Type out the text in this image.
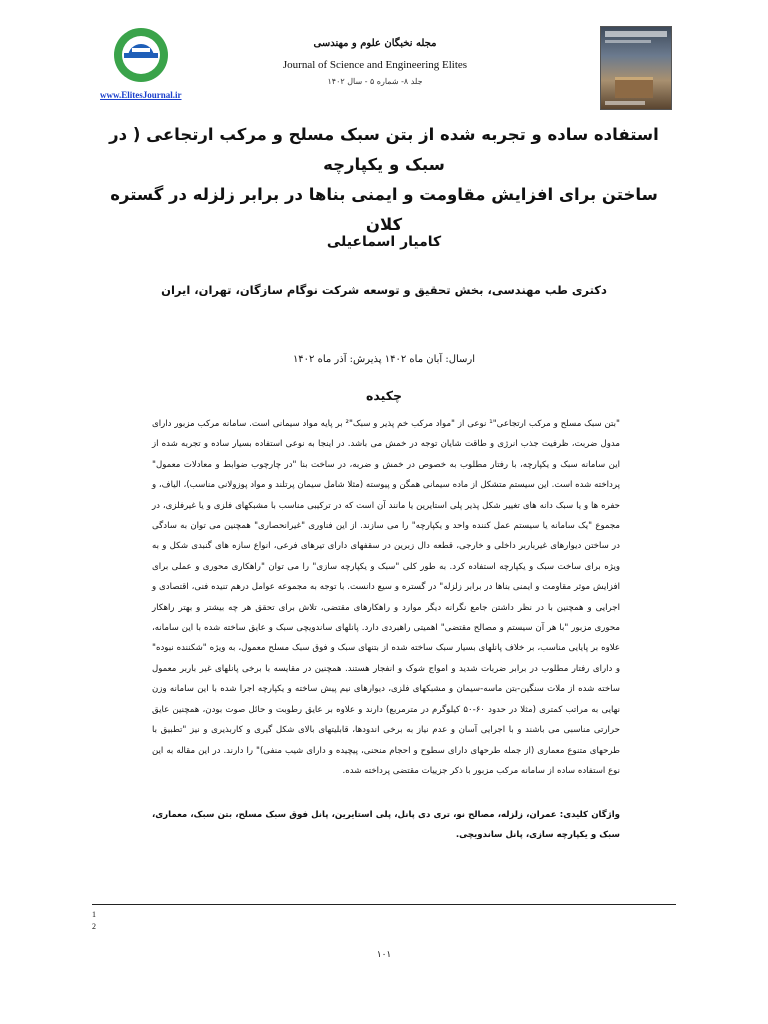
www.ElitesJournal.ir
مجله نخبگان علوم و مهندسی
Journal of Science and Engineering Elites
جلد ۸- شماره ۵ - سال ۱۴۰۲
استفاده ساده و تجربه شده از بتن سبک مسلح و مرکب ارتجاعی ( در سبک و یکپارچه
ساختن برای افزایش مقاومت و ایمنی بناها در برابر زلزله در گستره کلان
کامیار اسماعیلی
دکتری طب مهندسی، بخش تحقیق و توسعه شرکت نوگام سازگان، تهران، ایران
ارسال: آبان ماه ۱۴۰۲ پذیرش: آذر ماه ۱۴۰۲
چکیده
"بتن سبک مسلح و مرکب ارتجاعی"¹ نوعی از "مواد مرکب خم پذیر و سبک"² بر پایه مواد سیمانی است. سامانه مرکب مزبور دارای مدول ضربت، ظرفیت جذب انرژی و طاقت شایان توجه در خمش می باشد. در اینجا به نوعی استفاده بسیار ساده و تجربه شده از این سامانه سبک و یکپارچه، با رفتار مطلوب به خصوص در خمش و ضربه، در ساخت بنا "در چارچوب ضوابط و معادلات معمول" پرداخته شده است. این سیستم متشکل از ماده سیمانی همگن و پیوسته (مثلا شامل سیمان پرتلند و مواد پوزولانی مناسب)، الیاف، و حفره ها و یا سبک دانه های تغییر شکل پذیر پلی استایرین یا مانند آن است که در ترکیبی مناسب با مشبکهای فلزی و یا غیرفلزی، در مجموع "یک سامانه یا سیستم عمل کننده واحد و یکپارچه" را می سازند. از این فناوری "غیرانحصاری" همچنین می توان به سادگی در ساختن دیوارهای غیرباربر داخلی و خارجی، قطعه دال زبرین در سقفهای دارای تیرهای فرعی، انواع سازه های گنبدی شکل و به ویژه برای ساخت سبک و یکپارچه استفاده کرد. به طور کلی "سبک و یکپارچه سازی" را می توان "راهکاری محوری و عملی برای افزایش موثر مقاومت و ایمنی بناها در برابر زلزله" در گستره و سیع دانست. با توجه به مجموعه عوامل درهم تنیده فنی، اقتصادی و اجرایی و همچنین با در نظر داشتن جامع نگرانه دیگر موارد و راهکارهای مقتضی، تلاش برای تحقق هر چه بیشتر و بهتر راهکار محوری مزبور "با هر آن سیستم و مصالح مقتضی" اهمیتی راهبردی دارد. پانلهای ساندویچی سبک و عایق ساخته شده با این سامانه، علاوه بر پایایی مناسب، بر خلاف پانلهای بسیار سبک ساخته شده از بتنهای سبک و فوق سبک مسلح معمول، به ویژه "شکننده نبوده" و دارای رفتار مطلوب در برابر ضربات شدید و امواج شوک و انفجار هستند. همچنین در مقایسه با برخی پانلهای غیر باربر معمول ساخته شده از ملات سنگین-بتن ماسه-سیمان و مشبکهای فلزی، دیوارهای نیم پیش ساخته و یکپارچه اجرا شده با این سامانه وزن نهایی به مراتب کمتری (مثلا در حدود ۶۰-۵۰ کیلوگرم در مترمربع) دارند و علاوه بر عایق رطوبت و حائل صوت بودن، همچنین عایق حرارتی مناسبی می باشند و با اجرایی آسان و عدم نیاز به برخی اندودها، قابلیتهای بالای شکل گیری و کاربذیری و نیز "تطبیق با طرحهای متنوع معماری (از جمله طرحهای دارای سطوح و احجام منحنی، پیچیده و دارای شیب منفی)" را دارند. در این مقاله به این نوع استفاده ساده از سامانه مرکب مزبور با ذکر جزییات مقتضی پرداخته شده.
واژگان کلیدی: عمران، زلزله، مصالح نو، تری دی پانل، پلی استایرین، پانل فوق سبک مسلح، بتن سبک، معماری، سبک و یکپارچه سازی، پانل ساندویچی.
1
2
۱۰۱
